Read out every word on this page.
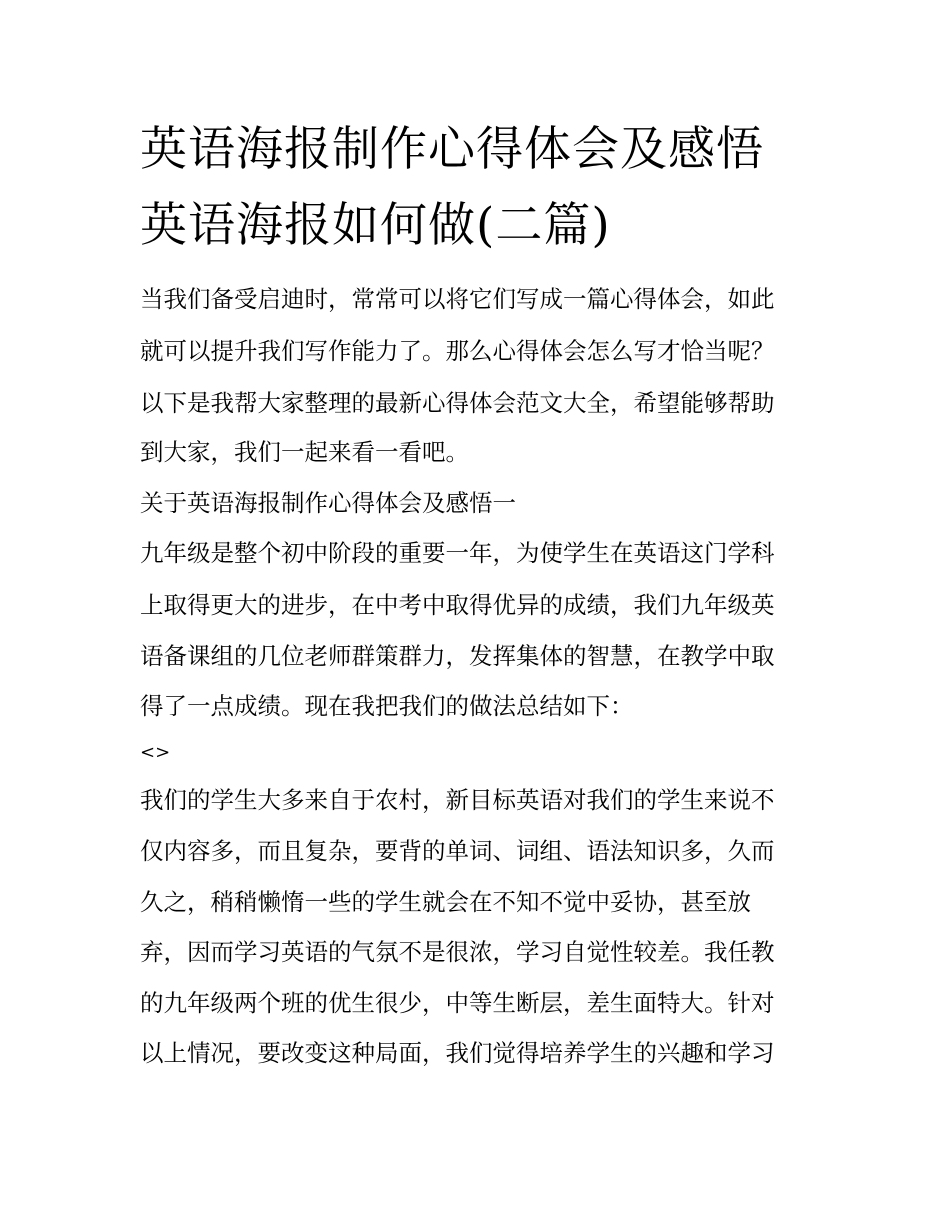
英语海报制作心得体会及感悟
英语海报如何做(二篇)

当我们备受启迪时，常常可以将它们写成一篇心得体会，如此

就可以提升我们写作能力了。那么心得体会怎么写才恰当呢？

以下是我帮大家整理的最新心得体会范文大全，希望能够帮助

到大家，我们一起来看一看吧。

关于英语海报制作心得体会及感悟一

九年级是整个初中阶段的重要一年，为使学生在英语这门学科

上取得更大的进步，在中考中取得优异的成绩，我们九年级英

语备课组的几位老师群策群力，发挥集体的智慧，在教学中取

得了一点成绩。现在我把我们的做法总结如下：

<>

我们的学生大多来自于农村，新目标英语对我们的学生来说不

仅内容多，而且复杂，要背的单词、词组、语法知识多，久而

久之，稍稍懒惰一些的学生就会在不知不觉中妥协，甚至放

弃，因而学习英语的气氛不是很浓，学习自觉性较差。我任教

的九年级两个班的优生很少，中等生断层，差生面特大。针对

以上情况，要改变这种局面，我们觉得培养学生的兴趣和学习
